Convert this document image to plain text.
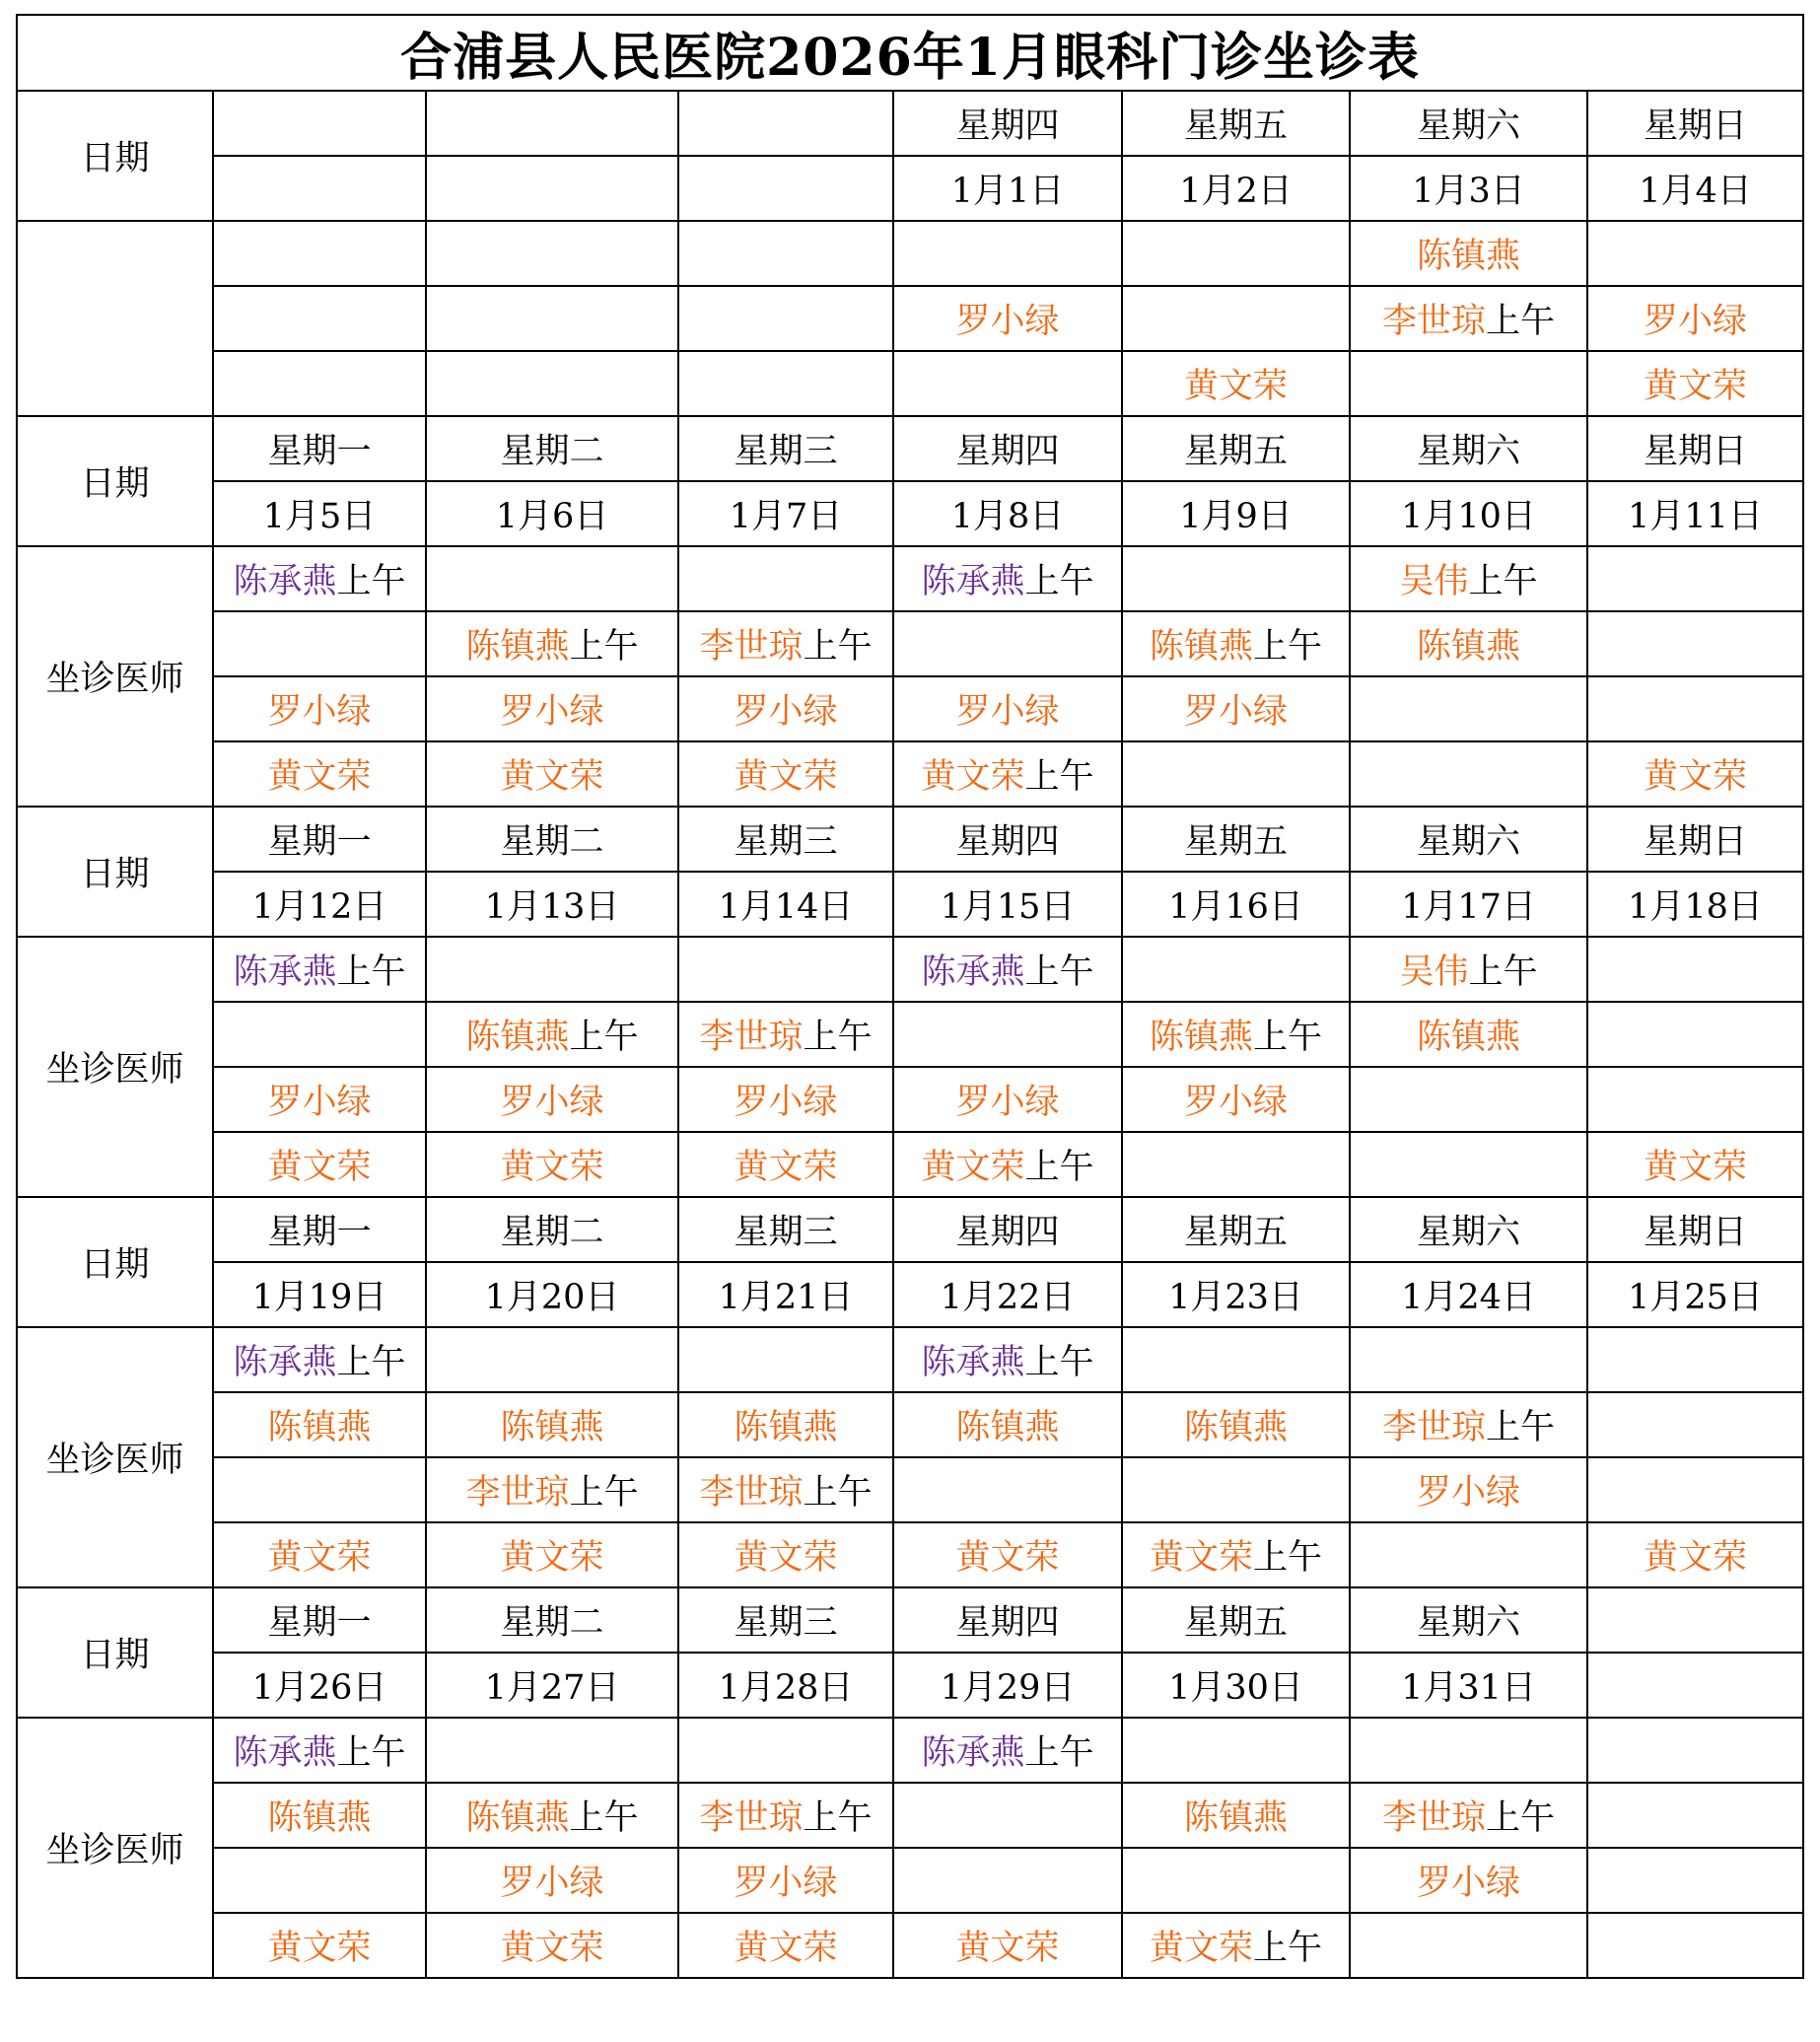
合浦县人民医院2026年1月眼科门诊坐诊表							
日期				星期四	星期五	星期六	星期日
				1月1日	1月2日	1月3日	1月4日
						陈镇燕	
				罗小绿		李世琼上午	罗小绿
					黄文荣		黄文荣
日期	星期一	星期二	星期三	星期四	星期五	星期六	星期日
	1月5日	1月6日	1月7日	1月8日	1月9日	1月10日	1月11日
坐诊医师	陈承燕上午			陈承燕上午		吴伟上午	
		陈镇燕上午	李世琼上午		陈镇燕上午	陈镇燕	
	罗小绿	罗小绿	罗小绿	罗小绿	罗小绿		
	黄文荣	黄文荣	黄文荣	黄文荣上午			黄文荣
日期	星期一	星期二	星期三	星期四	星期五	星期六	星期日
	1月12日	1月13日	1月14日	1月15日	1月16日	1月17日	1月18日
坐诊医师	陈承燕上午			陈承燕上午		吴伟上午	
		陈镇燕上午	李世琼上午		陈镇燕上午	陈镇燕	
	罗小绿	罗小绿	罗小绿	罗小绿	罗小绿		
	黄文荣	黄文荣	黄文荣	黄文荣上午			黄文荣
日期	星期一	星期二	星期三	星期四	星期五	星期六	星期日
	1月19日	1月20日	1月21日	1月22日	1月23日	1月24日	1月25日
坐诊医师	陈承燕上午			陈承燕上午			
	陈镇燕	陈镇燕	陈镇燕	陈镇燕	陈镇燕	李世琼上午	
		李世琼上午	李世琼上午			罗小绿	
	黄文荣	黄文荣	黄文荣	黄文荣	黄文荣上午		黄文荣
日期	星期一	星期二	星期三	星期四	星期五	星期六	
	1月26日	1月27日	1月28日	1月29日	1月30日	1月31日	
坐诊医师	陈承燕上午			陈承燕上午			
	陈镇燕	陈镇燕上午	李世琼上午		陈镇燕	李世琼上午	
		罗小绿	罗小绿			罗小绿	
	黄文荣	黄文荣	黄文荣	黄文荣	黄文荣上午		
